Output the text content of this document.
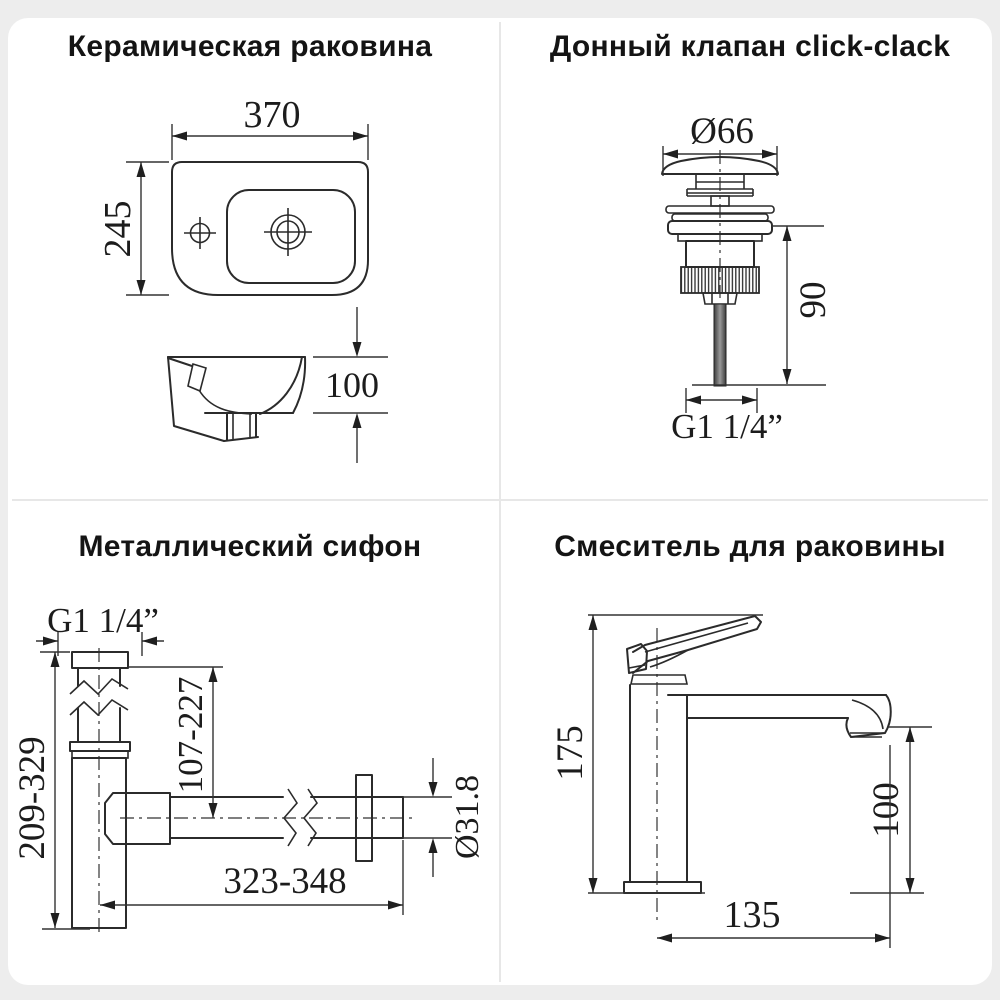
Керамическая раковина
370
245
100
Донный клапан click-clack
Ø66
90
G1 1/4”
Металлический сифон
G1 1/4”
209-329
107-227
323-348
Ø31.8
Смеситель для раковины
175
100
135
